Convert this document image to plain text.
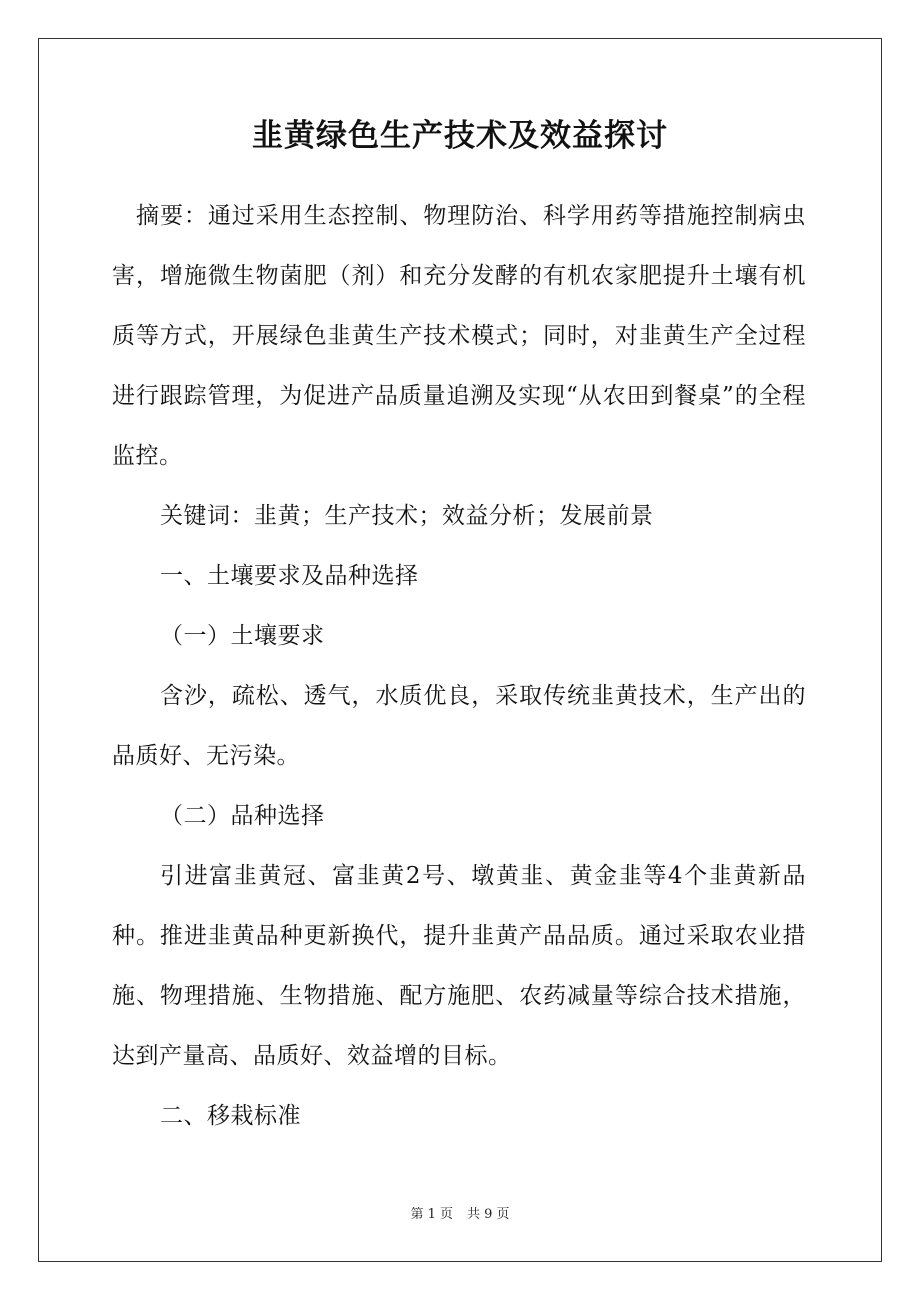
韭黄绿色生产技术及效益探讨

摘要：通过采用生态控制、物理防治、科学用药等措施控制病虫害，增施微生物菌肥（剂）和充分发酵的有机农家肥提升土壤有机质等方式，开展绿色韭黄生产技术模式；同时，对韭黄生产全过程进行跟踪管理，为促进产品质量追溯及实现“从农田到餐桌”的全程监控。

关键词：韭黄；生产技术；效益分析；发展前景

一、土壤要求及品种选择

（一）土壤要求

含沙，疏松、透气，水质优良，采取传统韭黄技术，生产出的品质好、无污染。

（二）品种选择

引进富韭黄冠、富韭黄2号、墩黄韭、黄金韭等4个韭黄新品种。推进韭黄品种更新换代，提升韭黄产品品质。通过采取农业措施、物理措施、生物措施、配方施肥、农药减量等综合技术措施，达到产量高、品质好、效益增的目标。

二、移栽标准

第 1 页 共 9 页
